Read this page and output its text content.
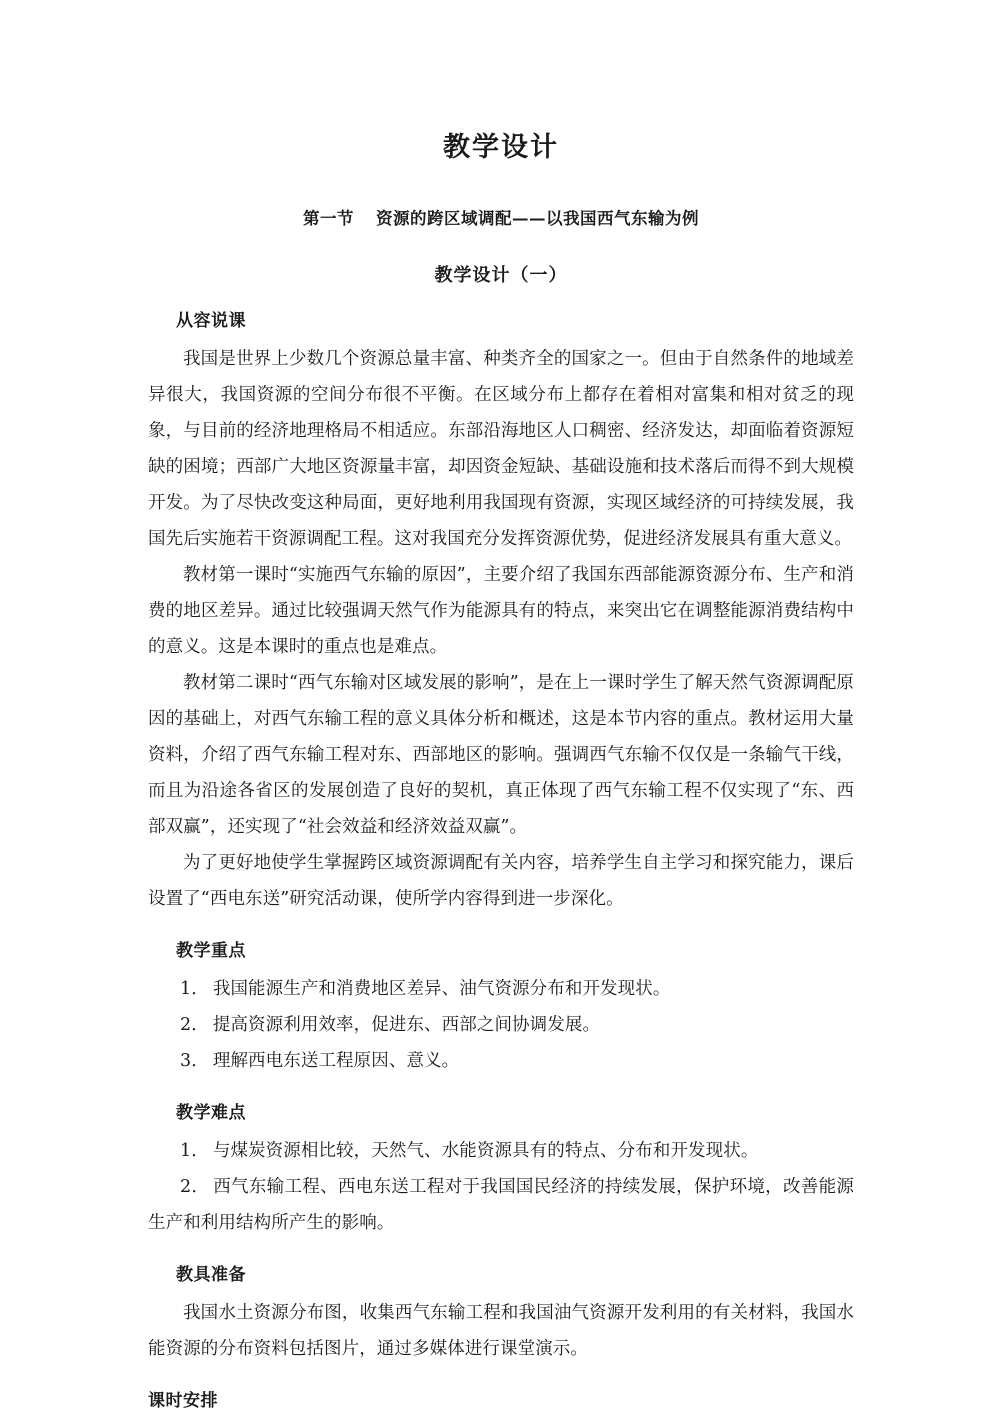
教学设计
第一节 资源的跨区域调配——以我国西气东输为例
教学设计（一）

从容说课

我国是世界上少数几个资源总量丰富、种类齐全的国家之一。但由于自然条件的地域差异很大，我国资源的空间分布很不平衡。在区域分布上都存在着相对富集和相对贫乏的现象，与目前的经济地理格局不相适应。东部沿海地区人口稠密、经济发达，却面临着资源短缺的困境；西部广大地区资源量丰富，却因资金短缺、基础设施和技术落后而得不到大规模开发。为了尽快改变这种局面，更好地利用我国现有资源，实现区域经济的可持续发展，我国先后实施若干资源调配工程。这对我国充分发挥资源优势，促进经济发展具有重大意义。

教材第一课时“实施西气东输的原因”，主要介绍了我国东西部能源资源分布、生产和消费的地区差异。通过比较强调天然气作为能源具有的特点，来突出它在调整能源消费结构中的意义。这是本课时的重点也是难点。

教材第二课时“西气东输对区域发展的影响”，是在上一课时学生了解天然气资源调配原因的基础上，对西气东输工程的意义具体分析和概述，这是本节内容的重点。教材运用大量资料，介绍了西气东输工程对东、西部地区的影响。强调西气东输不仅仅是一条输气干线，而且为沿途各省区的发展创造了良好的契机，真正体现了西气东输工程不仅实现了“东、西部双赢”，还实现了“社会效益和经济效益双赢”。

为了更好地使学生掌握跨区域资源调配有关内容，培养学生自主学习和探究能力，课后设置了“西电东送”研究活动课，使所学内容得到进一步深化。

教学重点

1． 我国能源生产和消费地区差异、油气资源分布和开发现状。

2． 提高资源利用效率，促进东、西部之间协调发展。

3． 理解西电东送工程原因、意义。

教学难点

1． 与煤炭资源相比较，天然气、水能资源具有的特点、分布和开发现状。

2． 西气东输工程、西电东送工程对于我国国民经济的持续发展，保护环境，改善能源生产和利用结构所产生的影响。

教具准备

我国水土资源分布图，收集西气东输工程和我国油气资源开发利用的有关材料，我国水能资源的分布资料包括图片，通过多媒体进行课堂演示。

课时安排
